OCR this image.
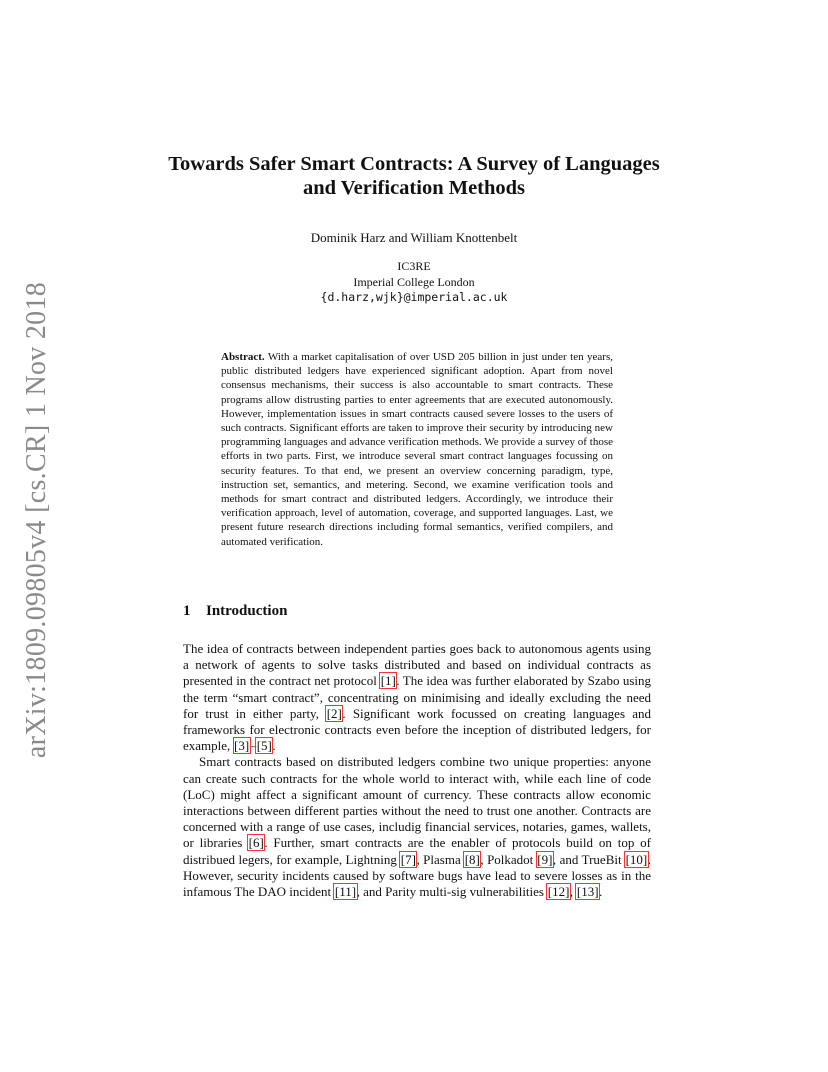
arXiv:1809.09805v4 [cs.CR] 1 Nov 2018
Towards Safer Smart Contracts: A Survey of Languages and Verification Methods
Dominik Harz and William Knottenbelt
IC3RE
Imperial College London
{d.harz,wjk}@imperial.ac.uk

Abstract. With a market capitalisation of over USD 205 billion in just under ten years, public distributed ledgers have experienced significant adoption. Apart from novel consensus mechanisms, their success is also accountable to smart contracts. These programs allow distrusting parties to enter agreements that are executed autonomously. However, implementation issues in smart contracts caused severe losses to the users of such contracts. Significant efforts are taken to improve their security by introducing new programming languages and advance verification methods. We provide a survey of those efforts in two parts. First, we introduce several smart contract languages focussing on security features. To that end, we present an overview concerning paradigm, type, instruction set, semantics, and metering. Second, we examine verification tools and methods for smart contract and distributed ledgers. Accordingly, we introduce their verification approach, level of automation, coverage, and supported languages. Last, we present future research directions including formal semantics, verified compilers, and automated verification.

1 Introduction

The idea of contracts between independent parties goes back to autonomous agents using a network of agents to solve tasks distributed and based on individual contracts as presented in the contract net protocol [1]. The idea was further elaborated by Szabo using the term “smart contract”, concentrating on minimising and ideally excluding the need for trust in either party, [2]. Significant work focussed on creating languages and frameworks for electronic contracts even before the inception of distributed ledgers, for example, [3]–[5].

Smart contracts based on distributed ledgers combine two unique properties: anyone can create such contracts for the whole world to interact with, while each line of code (LoC) might affect a significant amount of currency. These contracts allow economic interactions between different parties without the need to trust one another. Contracts are concerned with a range of use cases, includig financial services, notaries, games, wallets, or libraries [6]. Further, smart contracts are the enabler of protocols build on top of distribued legers, for example, Lightning [7], Plasma [8], Polkadot [9], and TrueBit [10]. However, security incidents caused by software bugs have lead to severe losses as in the infamous The DAO incident [11], and Parity multi-sig vulnerabilities [12], [13].
